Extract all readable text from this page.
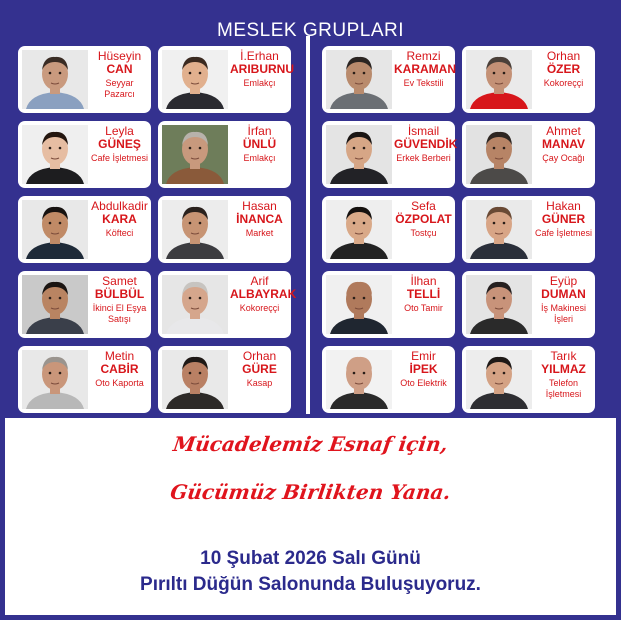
MESLEK GRUPLARI
Hüseyin
CAN
Seyyar Pazarcı
İ.Erhan
ARIBURNU
Emlakçı
Remzi
KARAMAN
Ev Tekstili
Orhan
ÖZER
Kokoreççi
Leyla
GÜNEŞ
Cafe İşletmesi
İrfan
ÜNLÜ
Emlakçı
İsmail
GÜVENDİK
Erkek Berberi
Ahmet
MANAV
Çay Ocağı
Abdulkadir
KARA
Köfteci
Hasan
İNANCA
Market
Sefa
ÖZPOLAT
Tostçu
Hakan
GÜNER
Cafe İşletmesi
Samet
BÜLBÜL
İkinci El Eşya Satışı
Arif
ALBAYRAK
Kokoreççi
İlhan
TELLİ
Oto Tamir
Eyüp
DUMAN
İş Makinesi İşleri
Metin
CABİR
Oto Kaporta
Orhan
GÜRE
Kasap
Emir
İPEK
Oto Elektrik
Tarık
YILMAZ
Telefon İşletmesi
Mücadelemiz Esnaf için,
Gücümüz Birlikten Yana.
10 Şubat 2026 Salı Günü
Pırıltı Düğün Salonunda Buluşuyoruz.
